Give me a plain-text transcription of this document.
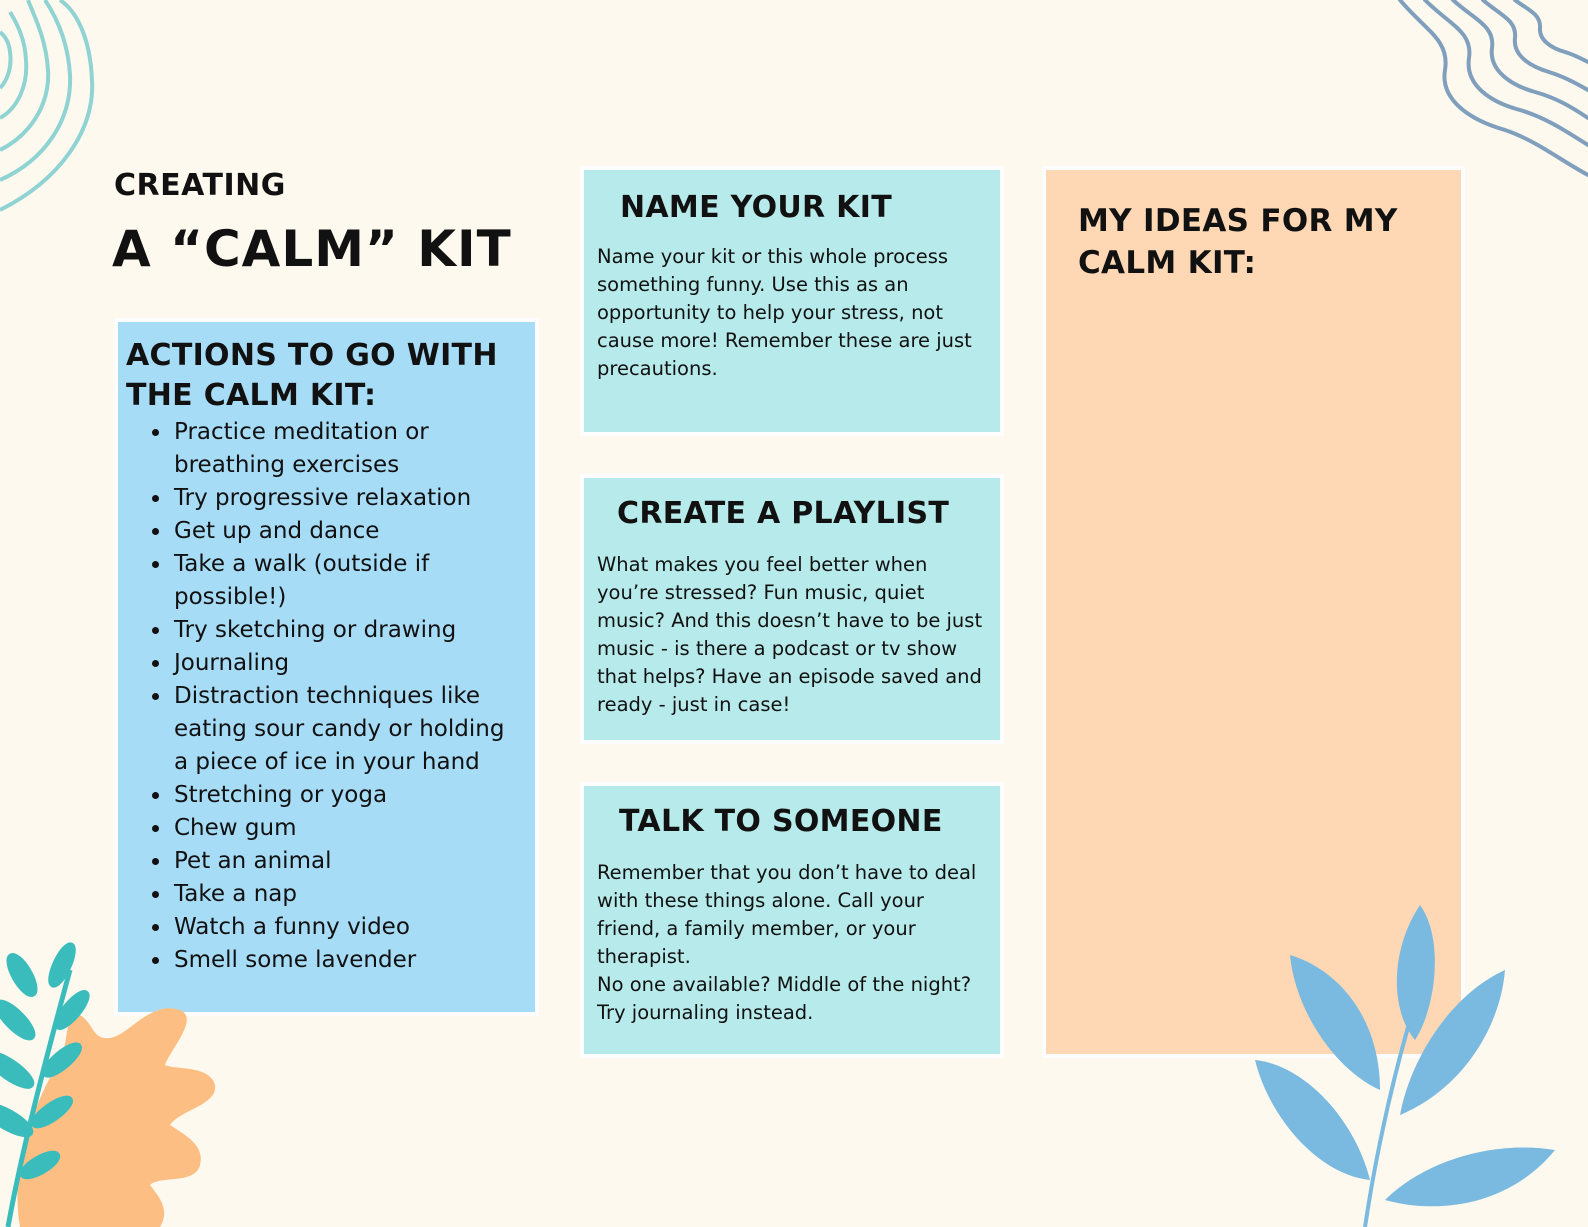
CREATING
A “CALM” KIT
ACTIONS TO GO WITH THE CALM KIT:
• Practice meditation or breathing exercises
• Try progressive relaxation
• Get up and dance
• Take a walk (outside if possible!)
• Try sketching or drawing
• Journaling
• Distraction techniques like eating sour candy or holding a piece of ice in your hand
• Stretching or yoga
• Chew gum
• Pet an animal
• Take a nap
• Watch a funny video
• Smell some lavender
NAME YOUR KIT

Name your kit or this whole process something funny. Use this as an opportunity to help your stress, not cause more! Remember these are just precautions.

CREATE A PLAYLIST

What makes you feel better when you’re stressed? Fun music, quiet music? And this doesn’t have to be just music - is there a podcast or tv show that helps? Have an episode saved and ready - just in case!

TALK TO SOMEONE

Remember that you don’t have to deal with these things alone. Call your friend, a family member, or your therapist.

No one available? Middle of the night? Try journaling instead.

MY IDEAS FOR MY CALM KIT:
